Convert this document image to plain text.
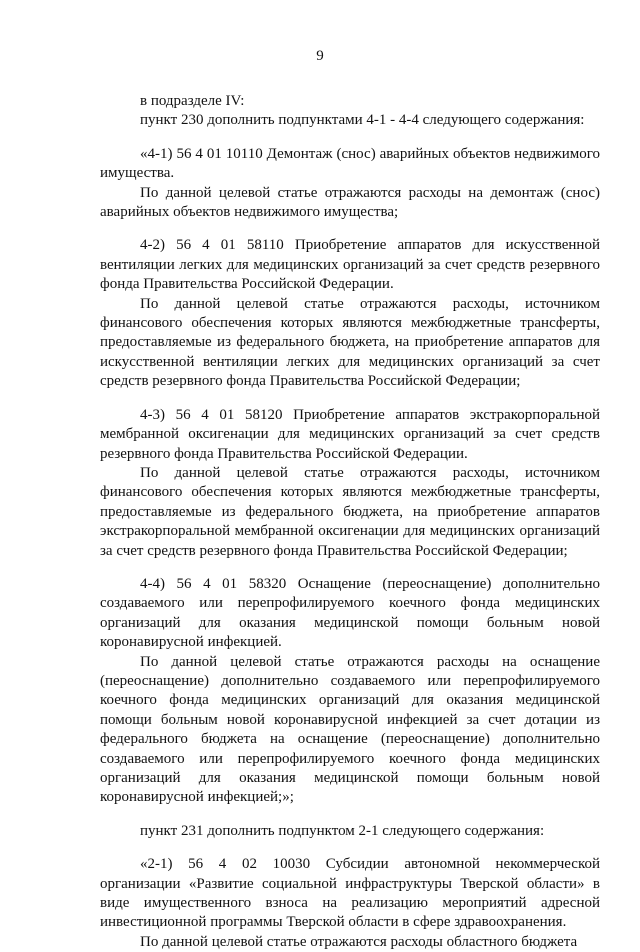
9

в подразделе IV:

пункт 230 дополнить подпунктами 4-1 - 4-4 следующего содержания:

«4-1) 56 4 01 10110 Демонтаж (снос) аварийных объектов недвижимого имущества.

По данной целевой статье отражаются расходы на демонтаж (снос) аварийных объектов недвижимого имущества;

4-2) 56 4 01 58110 Приобретение аппаратов для искусственной вентиляции легких для медицинских организаций за счет средств резервного фонда Правительства Российской Федерации.

По данной целевой статье отражаются расходы, источником финансового обеспечения которых являются межбюджетные трансферты, предоставляемые из федерального бюджета, на приобретение аппаратов для искусственной вентиляции легких для медицинских организаций за счет средств резервного фонда Правительства Российской Федерации;

4-3) 56 4 01 58120 Приобретение аппаратов экстракорпоральной мембранной оксигенации для медицинских организаций за счет средств резервного фонда Правительства Российской Федерации.

По данной целевой статье отражаются расходы, источником финансового обеспечения которых являются межбюджетные трансферты, предоставляемые из федерального бюджета, на приобретение аппаратов экстракорпоральной мембранной оксигенации для медицинских организаций за счет средств резервного фонда Правительства Российской Федерации;

4-4) 56 4 01 58320 Оснащение (переоснащение) дополнительно создаваемого или перепрофилируемого коечного фонда медицинских организаций для оказания медицинской помощи больным новой коронавирусной инфекцией.

По данной целевой статье отражаются расходы на оснащение (переоснащение) дополнительно создаваемого или перепрофилируемого коечного фонда медицинских организаций для оказания медицинской помощи больным новой коронавирусной инфекцией за счет дотации из федерального бюджета на оснащение (переоснащение) дополнительно создаваемого или перепрофилируемого коечного фонда медицинских организаций для оказания медицинской помощи больным новой коронавирусной инфекцией;»;

пункт 231 дополнить подпунктом 2-1 следующего содержания:

«2-1) 56 4 02 10030 Субсидии автономной некоммерческой организации «Развитие социальной инфраструктуры Тверской области» в виде имущественного взноса на реализацию мероприятий адресной инвестиционной программы Тверской области в сфере здравоохранения.

По данной целевой статье отражаются расходы областного бюджета
